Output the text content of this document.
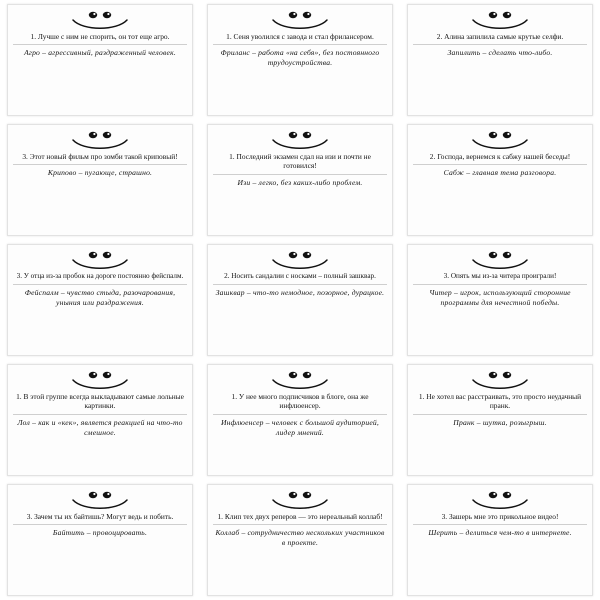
1. Лучше с ним не спорить, он тот еще агро.
Агро – агрессивный, раздраженный человек.
1. Сеня уволился с завода и стал фрилансером.
Фриланс – работа «на себя», без постоянного трудоустройства.
2. Алина запилила самые крутые селфи.
Запилить – сделать что-либо.
3. Этот новый фильм про зомби такой криповый!
Криповo – пугающе, страшно.
1. Последний экзамен сдал на изи и почти не готовился!
Изи – легко, без каких-либо проблем.
2. Господа, вернемся к сабжу нашей беседы!
Сабж – главная тема разговора.
3. У отца из-за пробок на дороге постоянно фейспалм.
Фейспалм – чувство стыда, разочарования, уныния или раздражения.
2. Носить сандалии с носками – полный зашквар.
Зашквар – что-то немодное, позорное, дурацкое.
3. Опять мы из-за читера проиграли!
Читер – игрок, использующий сторонние программы для нечестной победы.
1. В этой группе всегда выкладывают самые лольные картинки.
Лол – как и «кек», является реакцией на что-то смешное.
1. У нее много подписчиков в блоге, она же инфлюенсер.
Инфлюенсер – человек с большой аудиторией, лидер мнений.
1. Не хотел вас расстраивать, это просто неудачный пранк.
Пранк – шутка, розыгрыш.
3. Зачем ты их байтишь? Могут ведь и побить.
Байтить – провоцировать.
1. Клип тех двух реперов — это нереальный коллаб!
Коллаб – сотрудничество нескольких участников в проекте.
3. Зашерь мне это прикольное видео!
Шерить – делиться чем-то в интернете.
